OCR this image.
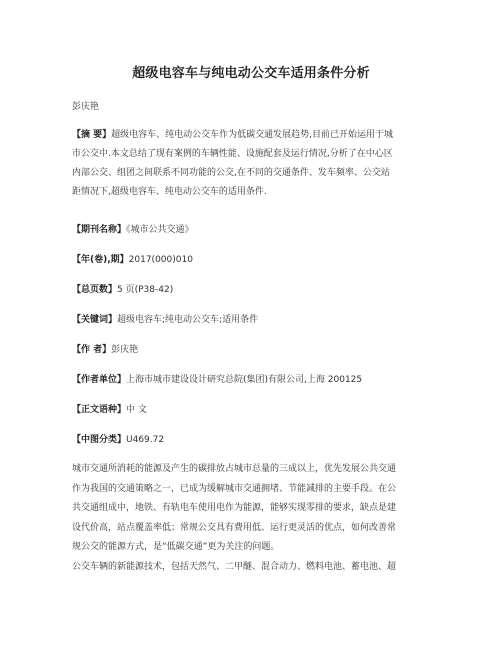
超级电容车与纯电动公交车适用条件分析
彭庆艳
【摘 要】超级电容车、纯电动公交车作为低碳交通发展趋势,目前已开始运用于城
市公交中.本文总结了现有案例的车辆性能、设施配套及运行情况,分析了在中心区
内部公交、组团之间联系不同功能的公交,在不同的交通条件、发车频率、公交站
距情况下,超级电容车、纯电动公交车的适用条件.
【期刊名称】《城市公共交通》
【年(卷),期】2017(000)010
【总页数】5 页(P38-42)
【关键词】超级电容车;纯电动公交车;适用条件
【作 者】彭庆艳
【作者单位】上海市城市建设设计研究总院(集团)有限公司,上海 200125
【正文语种】中 文
【中图分类】U469.72
城市交通所消耗的能源及产生的碳排放占城市总量的三成以上，优先发展公共交通
作为我国的交通策略之一，已成为缓解城市交通拥堵、节能减排的主要手段。在公
共交通组成中，地铁、有轨电车使用电作为能源，能够实现零排的要求，缺点是建
设代价高，站点覆盖率低；常规公交具有费用低、运行更灵活的优点，如何改善常
规公交的能源方式，是“低碳交通”更为关注的问题。
公交车辆的新能源技术，包括天然气、二甲醚、混合动力、燃料电池、蓄电池、超
